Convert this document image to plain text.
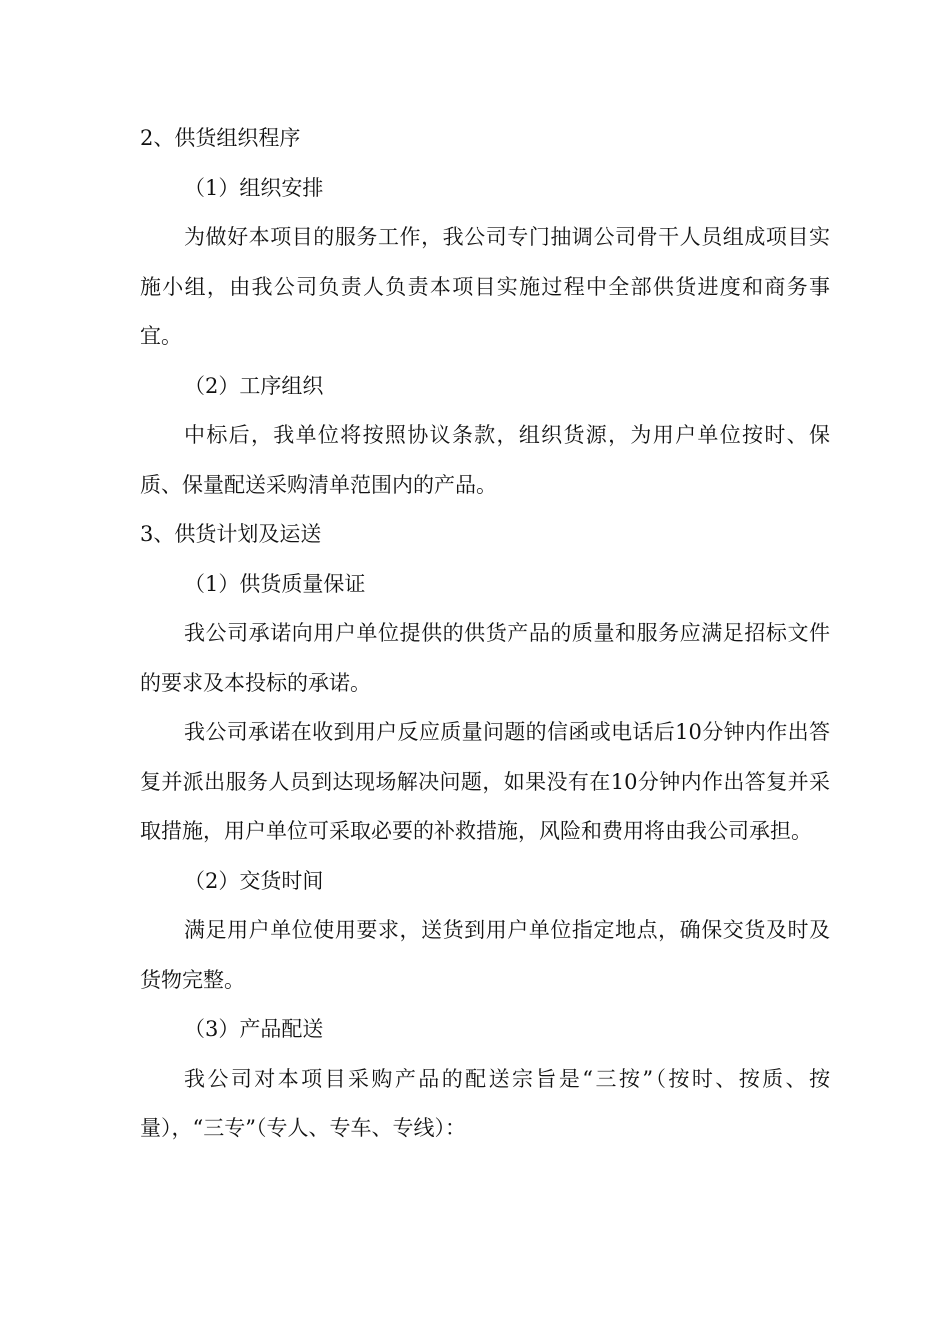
2、供货组织程序

（1）组织安排

为做好本项目的服务工作，我公司专门抽调公司骨干人员组成项目实施小组，由我公司负责人负责本项目实施过程中全部供货进度和商务事宜。

（2）工序组织

中标后，我单位将按照协议条款，组织货源，为用户单位按时、保质、保量配送采购清单范围内的产品。

3、供货计划及运送

（1）供货质量保证

我公司承诺向用户单位提供的供货产品的质量和服务应满足招标文件的要求及本投标的承诺。

我公司承诺在收到用户反应质量问题的信函或电话后10分钟内作出答复并派出服务人员到达现场解决问题，如果没有在10分钟内作出答复并采取措施，用户单位可采取必要的补救措施，风险和费用将由我公司承担。

（2）交货时间

满足用户单位使用要求，送货到用户单位指定地点，确保交货及时及货物完整。

（3）产品配送

我公司对本项目采购产品的配送宗旨是“三按”（按时、按质、按量），“三专”（专人、专车、专线）：
